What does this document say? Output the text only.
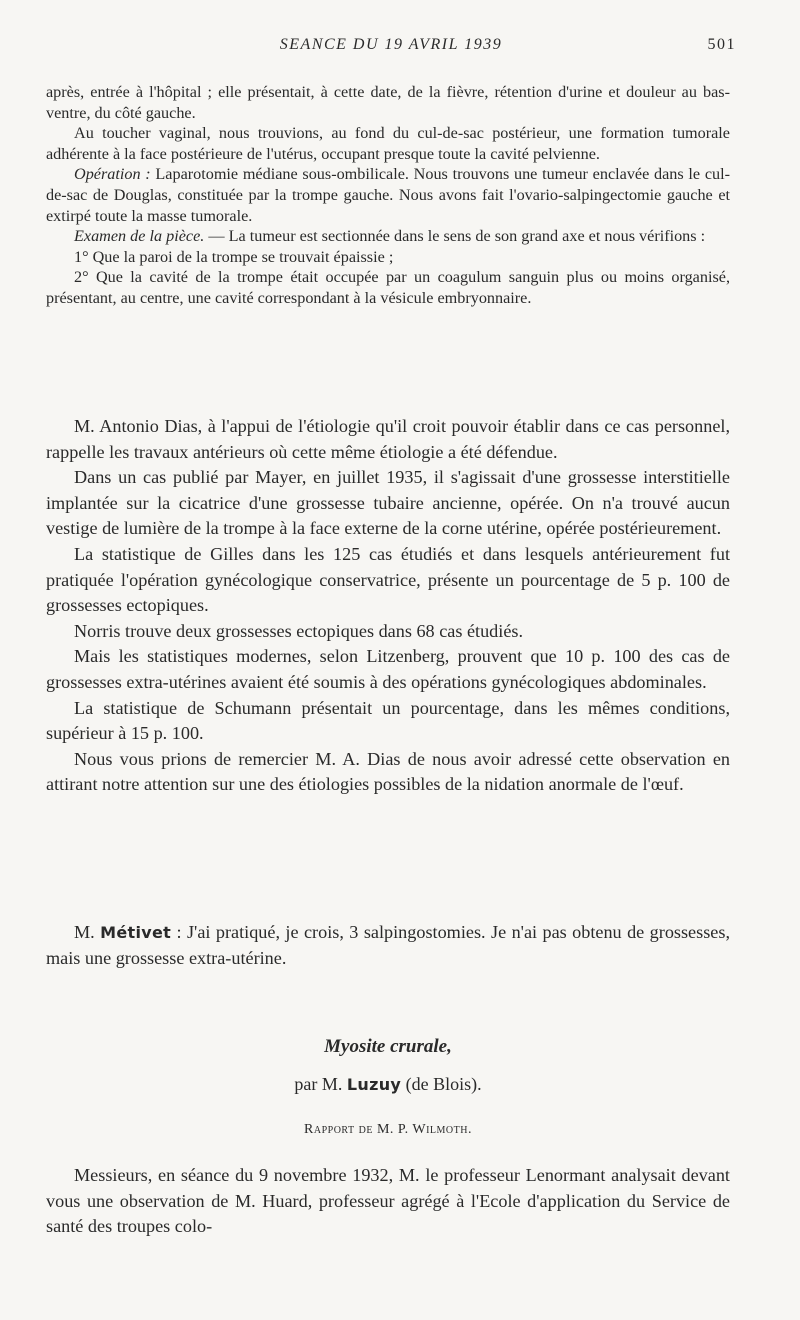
SEANCE DU 19 AVRIL 1939	501

après, entrée à l'hôpital ; elle présentait, à cette date, de la fièvre, rétention d'urine et douleur au bas-ventre, du côté gauche.

Au toucher vaginal, nous trouvions, au fond du cul-de-sac postérieur, une formation tumorale adhérente à la face postérieure de l'utérus, occupant presque toute la cavité pelvienne.

Opération : Laparotomie médiane sous-ombilicale. Nous trouvons une tumeur enclavée dans le cul-de-sac de Douglas, constituée par la trompe gauche. Nous avons fait l'ovario-salpingectomie gauche et extirpé toute la masse tumorale.

Examen de la pièce. — La tumeur est sectionnée dans le sens de son grand axe et nous vérifions :

1° Que la paroi de la trompe se trouvait épaissie ;

2° Que la cavité de la trompe était occupée par un coagulum sanguin plus ou moins organisé, présentant, au centre, une cavité correspondant à la vésicule embryonnaire.

M. Antonio Dias, à l'appui de l'étiologie qu'il croit pouvoir établir dans ce cas personnel, rappelle les travaux antérieurs où cette même étiologie a été défendue.

Dans un cas publié par Mayer, en juillet 1935, il s'agissait d'une grossesse interstitielle implantée sur la cicatrice d'une grossesse tubaire ancienne, opérée. On n'a trouvé aucun vestige de lumière de la trompe à la face externe de la corne utérine, opérée postérieurement.

La statistique de Gilles dans les 125 cas étudiés et dans lesquels antérieurement fut pratiquée l'opération gynécologique conservatrice, présente un pourcentage de 5 p. 100 de grossesses ectopiques.

Norris trouve deux grossesses ectopiques dans 68 cas étudiés.

Mais les statistiques modernes, selon Litzenberg, prouvent que 10 p. 100 des cas de grossesses extra-utérines avaient été soumis à des opérations gynécologiques abdominales.

La statistique de Schumann présentait un pourcentage, dans les mêmes conditions, supérieur à 15 p. 100.

Nous vous prions de remercier M. A. Dias de nous avoir adressé cette observation en attirant notre attention sur une des étiologies possibles de la nidation anormale de l'œuf.

M. Métivet : J'ai pratiqué, je crois, 3 salpingostomies. Je n'ai pas obtenu de grossesses, mais une grossesse extra-utérine.

Myosite crurale,
par M. Luzuy (de Blois).
Rapport de M. P. Wilmoth.

Messieurs, en séance du 9 novembre 1932, M. le professeur Lenormant analysait devant vous une observation de M. Huard, professeur agrégé à l'Ecole d'application du Service de santé des troupes colo-
